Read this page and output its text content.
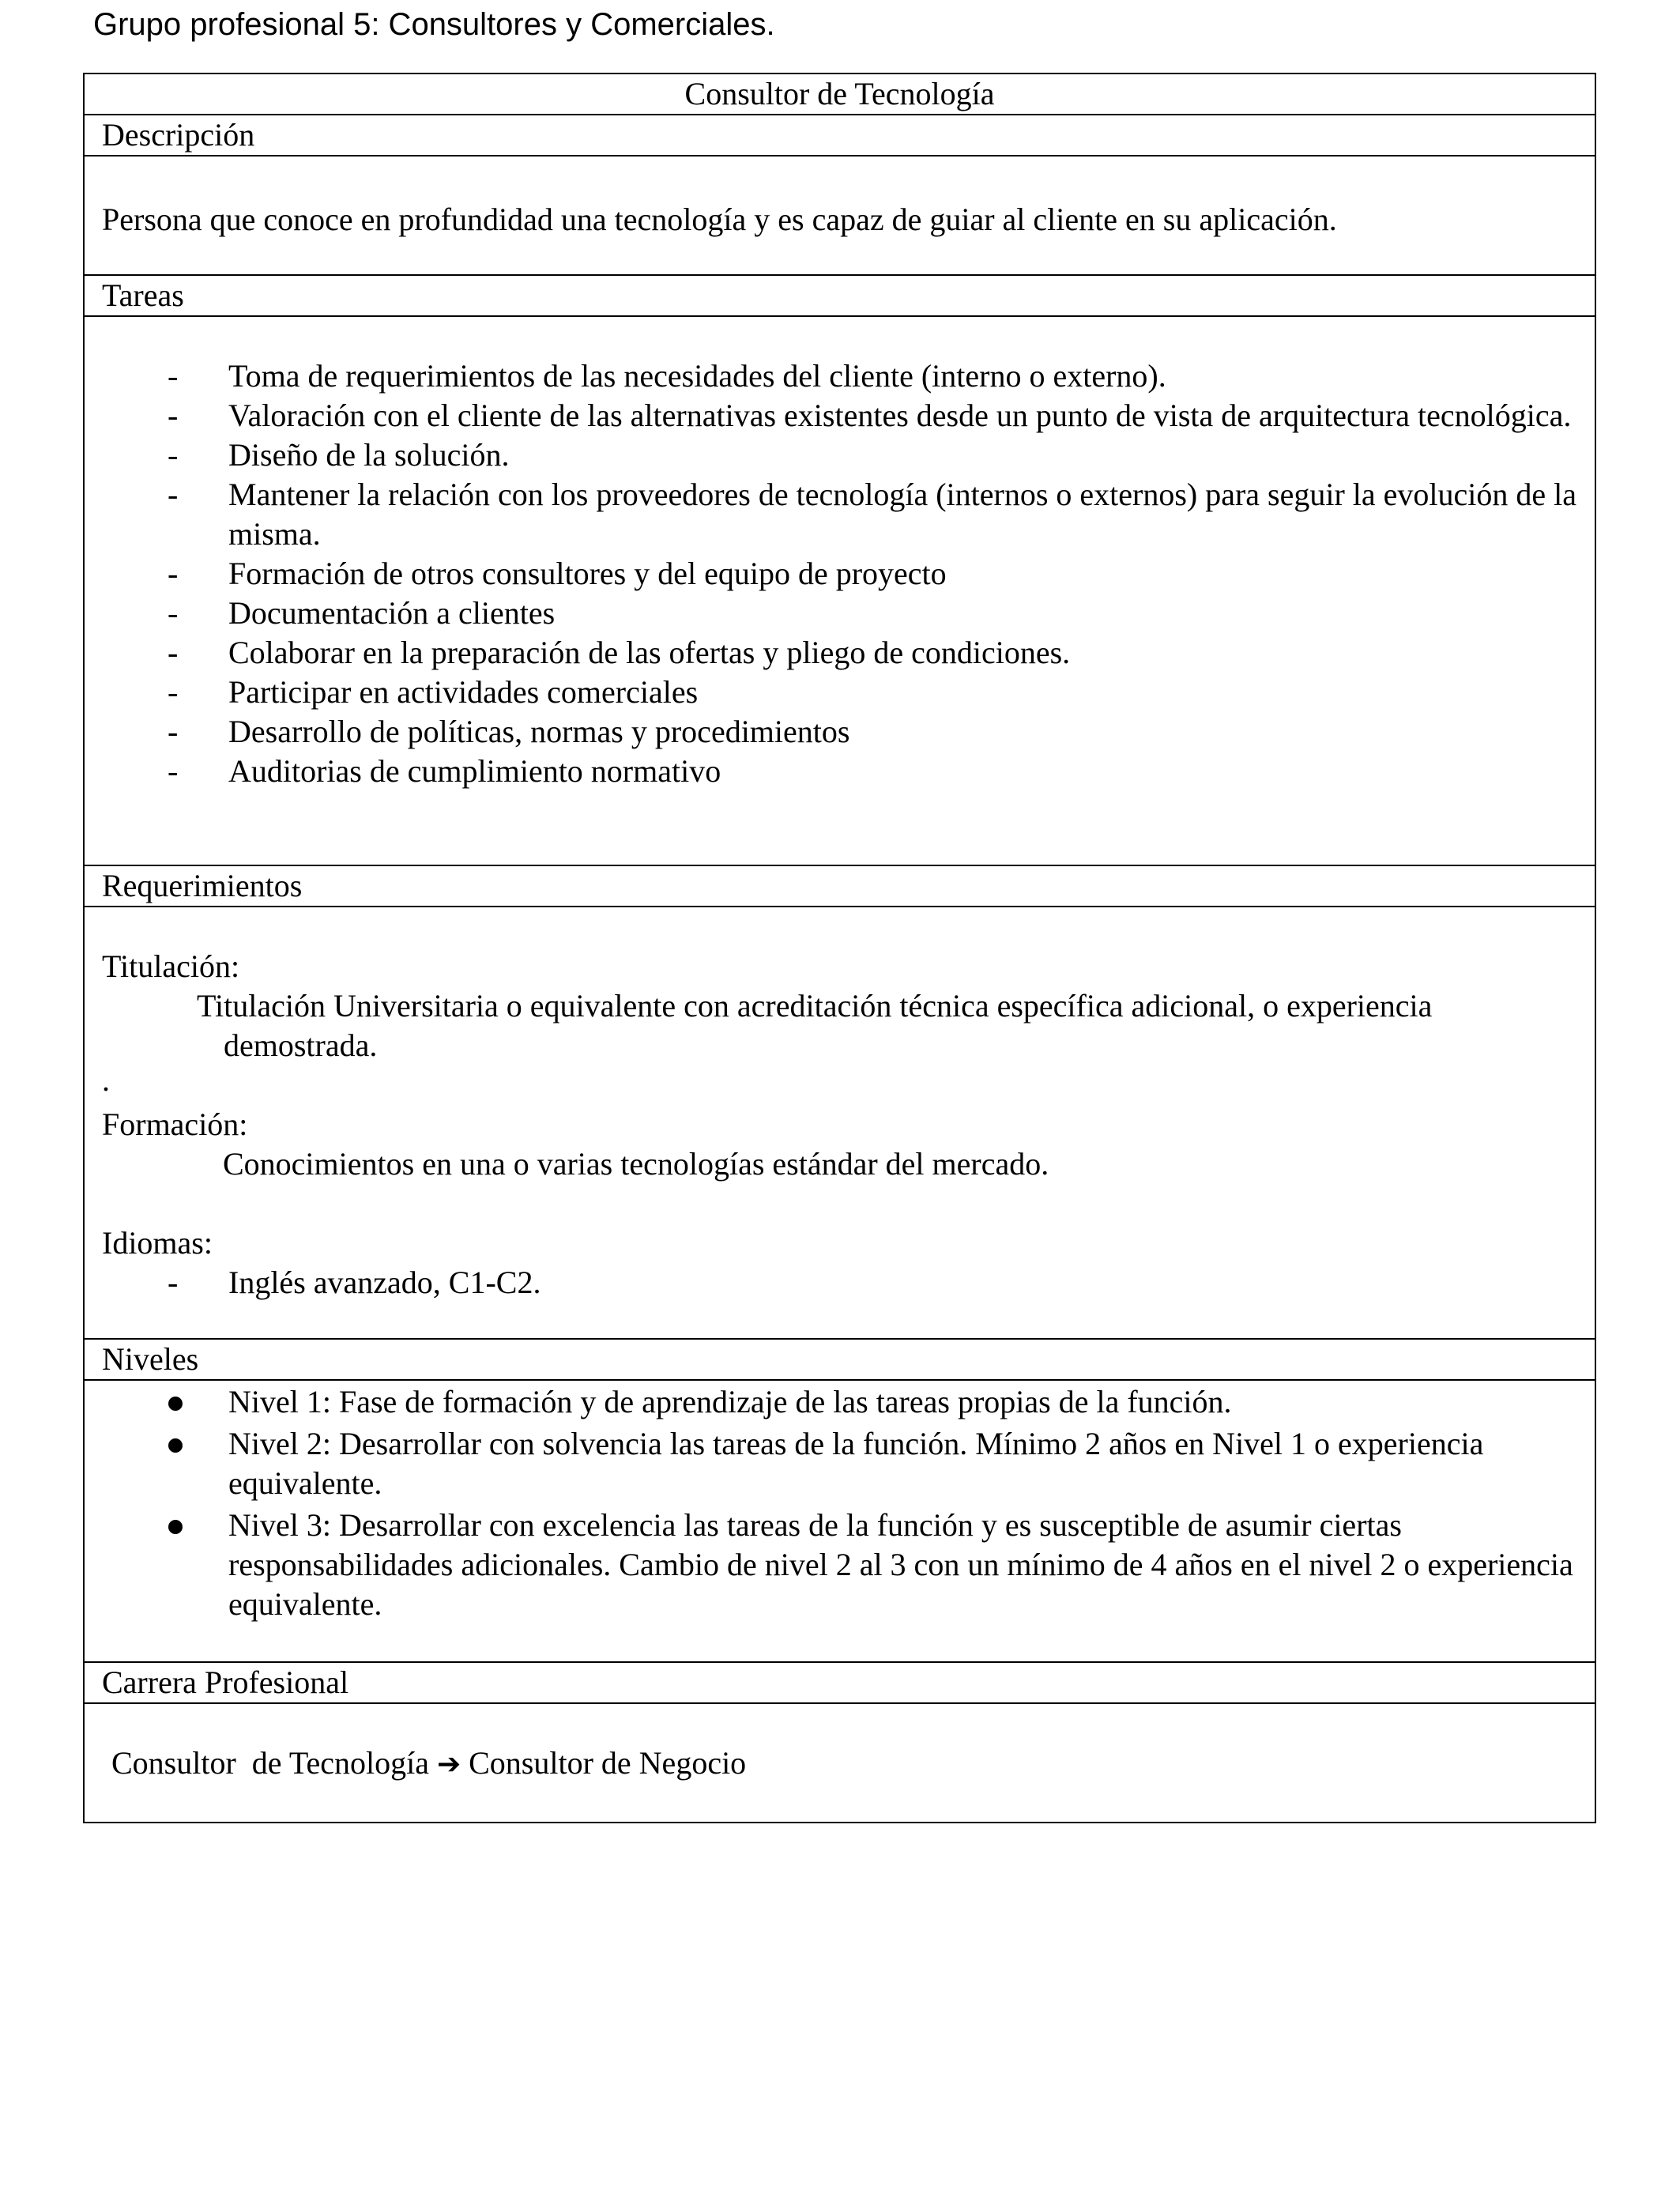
Grupo profesional 5: Consultores y Comerciales.
Consultor de Tecnología
Descripción

Persona que conoce en profundidad una tecnología y es capaz de guiar al cliente en su aplicación.

Tareas

- Toma de requerimientos de las necesidades del cliente (interno o externo).
- Valoración con el cliente de las alternativas existentes desde un punto de vista de arquitectura tecnológica.
- Diseño de la solución.
- Mantener la relación con los proveedores de tecnología (internos o externos) para seguir la evolución de la misma.
- Formación de otros consultores y del equipo de proyecto
- Documentación a clientes
- Colaborar en la preparación de las ofertas y pliego de condiciones.
- Participar en actividades comerciales
- Desarrollo de políticas, normas y procedimientos
- Auditorias de cumplimiento normativo

Requerimientos

Titulación:

Titulación Universitaria o equivalente con acreditación técnica específica adicional, o experiencia
demostrada.

.

Formación:

Conocimientos en una o varias tecnologías estándar del mercado.

Idiomas:

- Inglés avanzado, C1-C2.

Niveles

Nivel 1: Fase de formación y de aprendizaje de las tareas propias de la función.
Nivel 2: Desarrollar con solvencia las tareas de la función. Mínimo 2 años en Nivel 1 o experiencia equivalente.
Nivel 3: Desarrollar con excelencia las tareas de la función y es susceptible de asumir ciertas responsabilidades adicionales. Cambio de nivel 2 al 3 con un mínimo de 4 años en el nivel 2 o experiencia equivalente.

Carrera Profesional

Consultor  de Tecnología ➔ Consultor de Negocio
